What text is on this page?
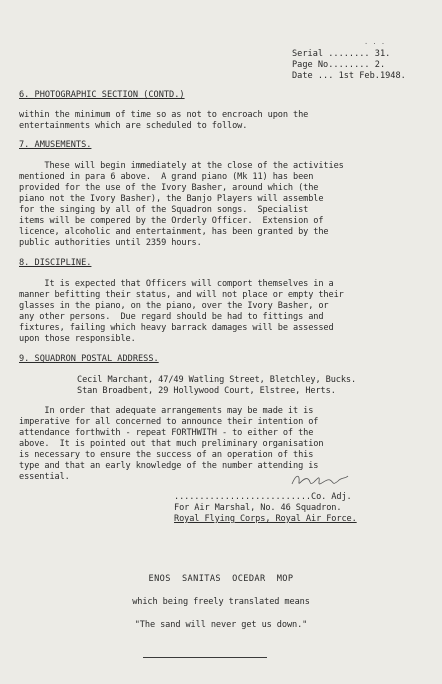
. . .
Serial ........ 31.
Page No........ 2.
Date ... 1st Feb.1948.
6. PHOTOGRAPHIC SECTION (CONTD.)
within the minimum of time so as not to encroach upon the
entertainments which are scheduled to follow.
7. AMUSEMENTS.
These will begin immediately at the close of the activities
mentioned in para 6 above.  A grand piano (Mk 11) has been
provided for the use of the Ivory Basher, around which (the
piano not the Ivory Basher), the Banjo Players will assemble
for the singing by all of the Squadron songs.  Specialist
items will be compered by the Orderly Officer.  Extension of
licence, alcoholic and entertainment, has been granted by the
public authorities until 2359 hours.
8. DISCIPLINE.
It is expected that Officers will comport themselves in a
manner befitting their status, and will not place or empty their
glasses in the piano, on the piano, over the Ivory Basher, or
any other persons.  Due regard should be had to fittings and
fixtures, failing which heavy barrack damages will be assessed
upon those responsible.
9. SQUADRON POSTAL ADDRESS.
Cecil Marchant, 47/49 Watling Street, Bletchley, Bucks.
Stan Broadbent, 29 Hollywood Court, Elstree, Herts.
In order that adequate arrangements may be made it is
imperative for all concerned to announce their intention of
attendance forthwith - repeat FORTHWITH - to either of the
above.  It is pointed out that much preliminary organisation
is necessary to ensure the success of an operation of this
type and that an early knowledge of the number attending is
essential.
...........................Co. Adj.
For Air Marshal, No. 46 Squadron.
Royal Flying Corps, Royal Air Force.
ENOS  SANITAS  OCEDAR  MOP
which being freely translated means
"The sand will never get us down."
